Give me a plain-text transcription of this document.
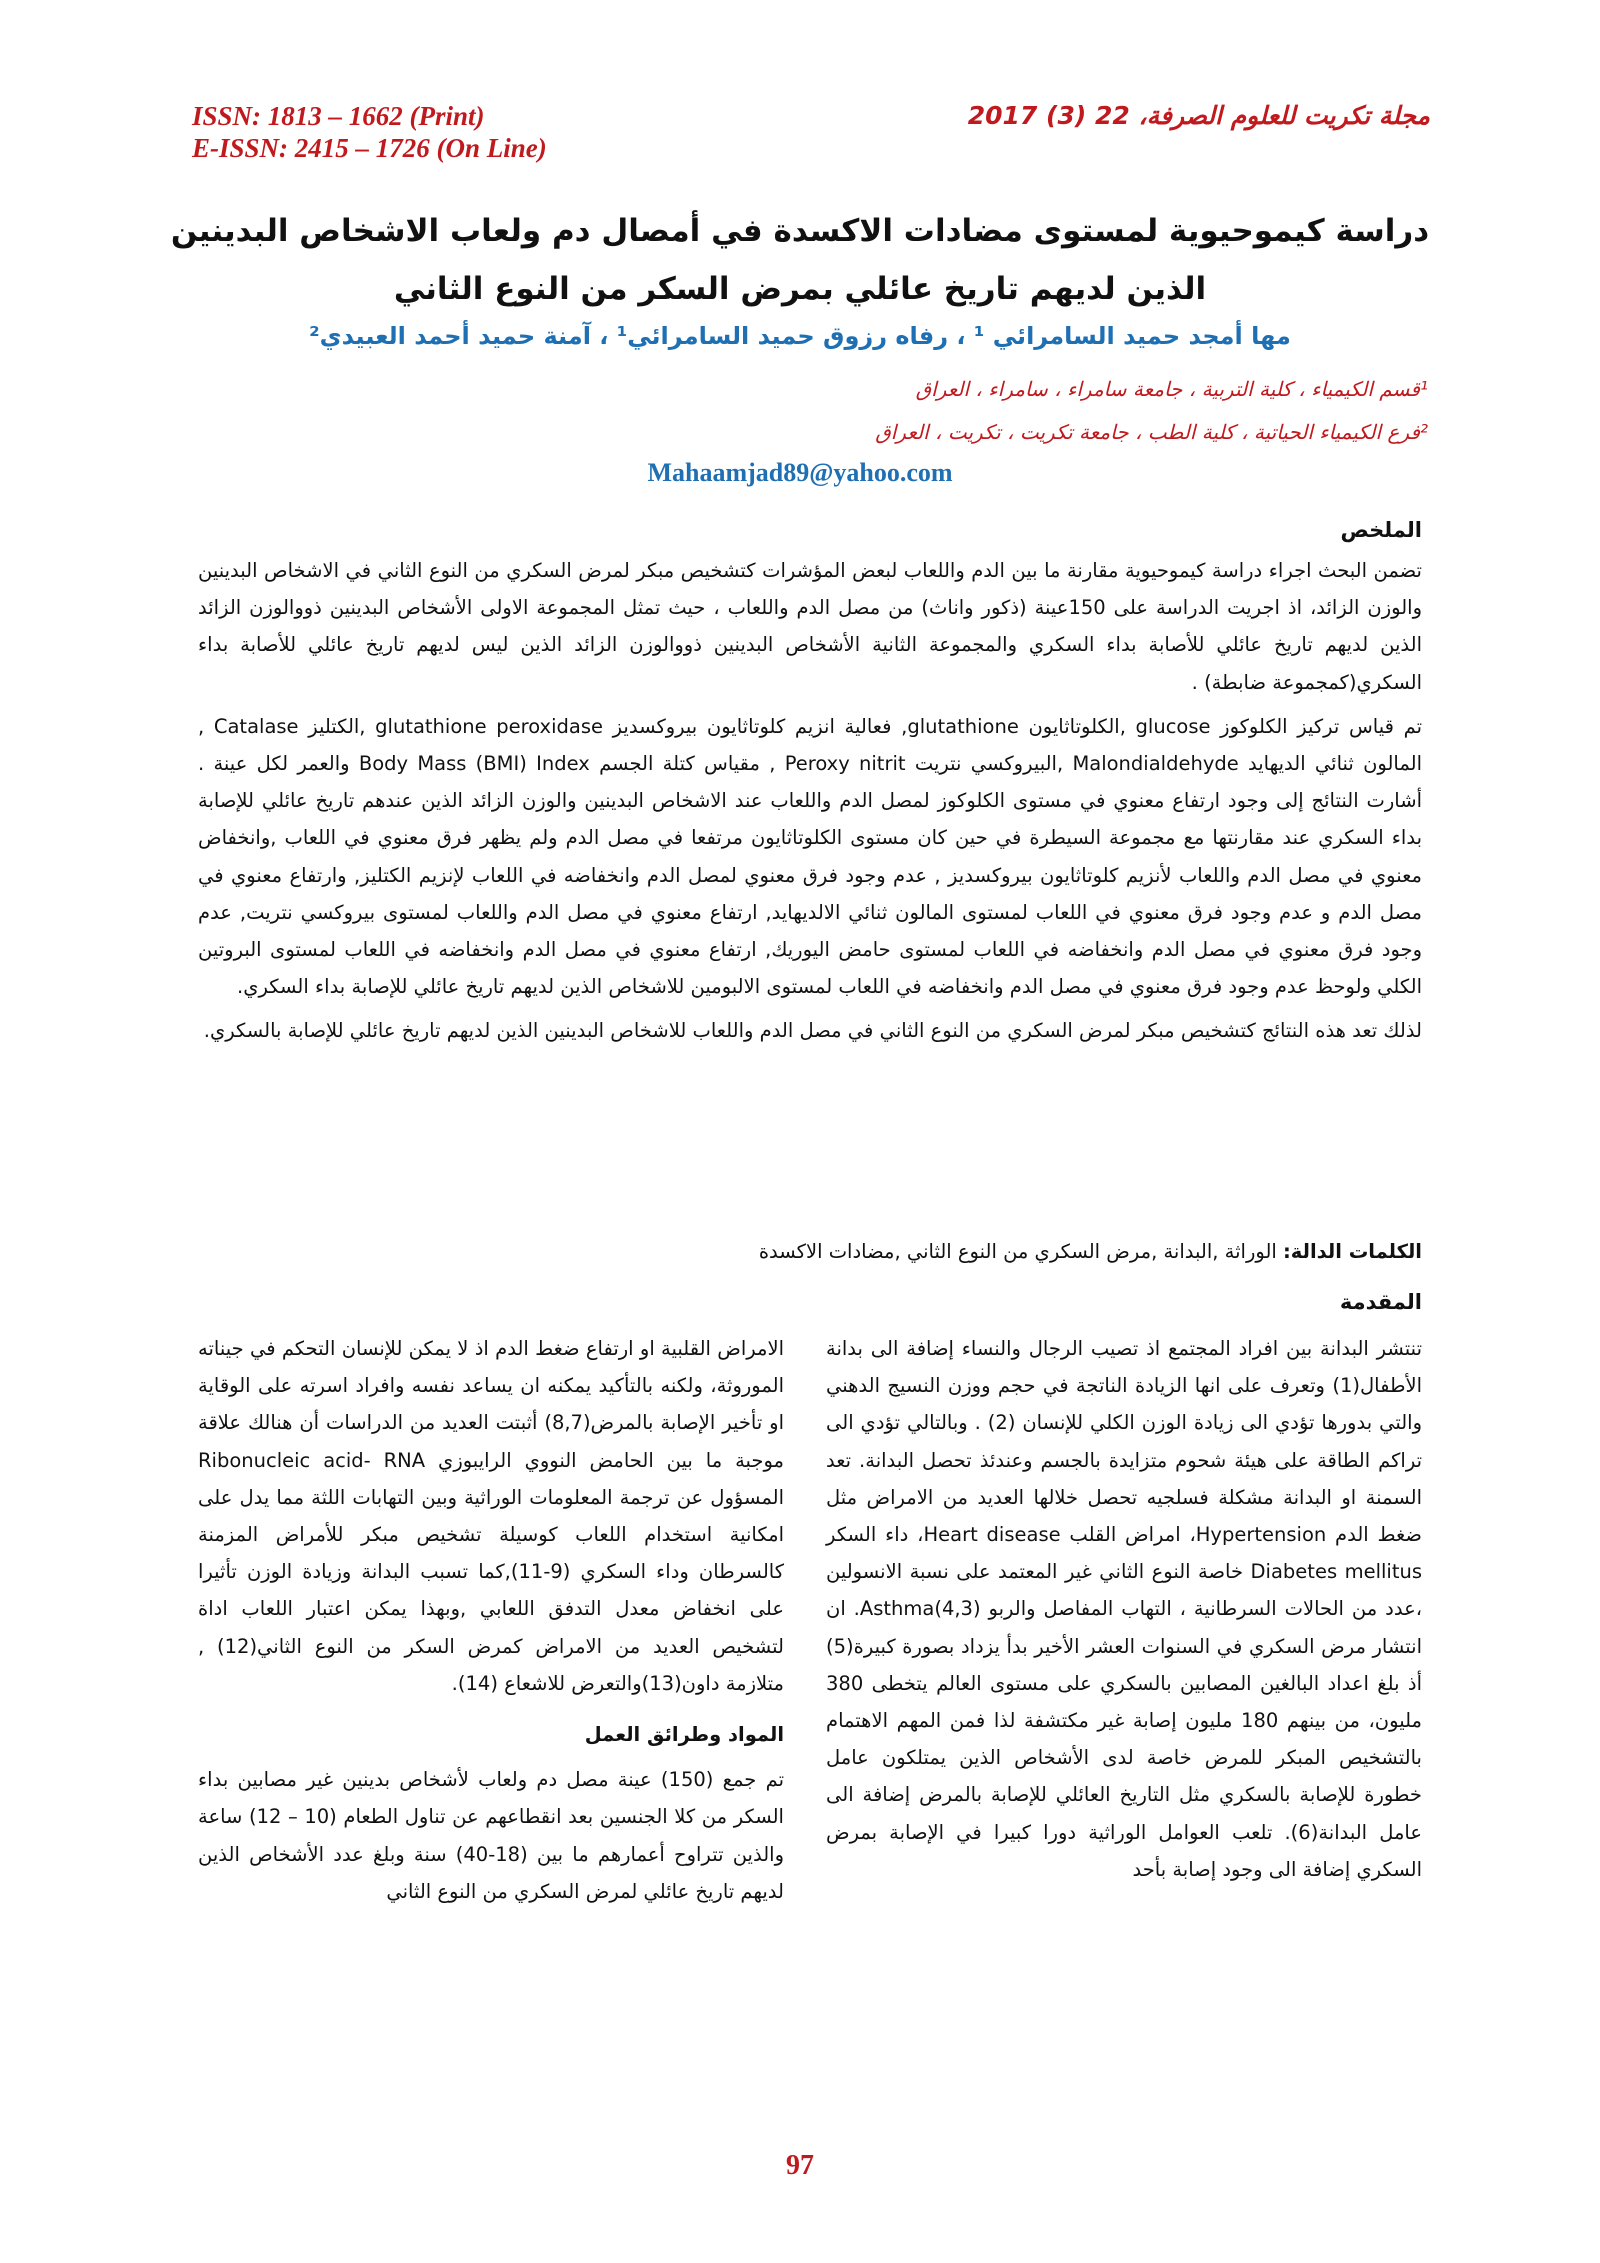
ISSN: 1813 – 1662 (Print)
E-ISSN: 2415 – 1726 (On Line)
مجلة تكريت للعلوم الصرفة، 22 (3) 2017
دراسة كيموحيوية لمستوى مضادات الاكسدة في أمصال دم ولعاب الاشخاص البدينين الذين لديهم تاريخ عائلي بمرض السكر من النوع الثاني
مها أمجد حميد السامرائي ¹ ، رفاه رزوق حميد السامرائي¹ ، آمنة حميد أحمد العبيدي²
¹قسم الكيمياء ، كلية التربية ، جامعة سامراء ، سامراء ، العراق
²فرع الكيمياء الحياتية ، كلية الطب ، جامعة تكريت ، تكريت ، العراق
Mahaamjad89@yahoo.com
الملخص

تضمن البحث اجراء دراسة كيموحيوية مقارنة ما بين الدم واللعاب لبعض المؤشرات كتشخيص مبكر لمرض السكري من النوع الثاني في الاشخاص البدينين والوزن الزائد، اذ اجريت الدراسة على 150عينة (ذكور واناث) من مصل الدم واللعاب ، حيث تمثل المجموعة الاولى الأشخاص البدينين ذووالوزن الزائد الذين لديهم تاريخ عائلي للأصابة بداء السكري والمجموعة الثانية الأشخاص البدينين ذووالوزن الزائد الذين ليس لديهم تاريخ عائلي للأصابة بداء السكري(كمجموعة ضابطة) .

تم قياس تركيز الكلوكوز glucose ,الكلوتاثايون glutathione, فعالية انزيم كلوتاثايون بيروكسديز glutathione peroxidase ,الكتليز Catalase , المالون ثنائي الديهايد Malondialdehyde ,البيروكسي نتريت Peroxy nitrit , مقياس كتلة الجسم Body Mass (BMI) Index والعمر لكل عينة . أشارت النتائج إلى وجود ارتفاع معنوي في مستوى الكلوكوز لمصل الدم واللعاب عند الاشخاص البدينين والوزن الزائد الذين عندهم تاريخ عائلي للإصابة بداء السكري عند مقارنتها مع مجموعة السيطرة في حين كان مستوى الكلوتاثايون مرتفعا في مصل الدم ولم يظهر فرق معنوي في اللعاب ,وانخفاض معنوي في مصل الدم واللعاب لأنزيم كلوتاثايون بيروكسديز , عدم وجود فرق معنوي لمصل الدم وانخفاضه في اللعاب لإنزيم الكتليز, وارتفاع معنوي في مصل الدم و عدم وجود فرق معنوي في اللعاب لمستوى المالون ثنائي الالديهايد, ارتفاع معنوي في مصل الدم واللعاب لمستوى بيروكسي نتريت, عدم وجود فرق معنوي في مصل الدم وانخفاضه في اللعاب لمستوى حامض اليوريك, ارتفاع معنوي في مصل الدم وانخفاضه في اللعاب لمستوى البروتين الكلي ولوحظ عدم وجود فرق معنوي في مصل الدم وانخفاضه في اللعاب لمستوى الالبومين للاشخاص الذين لديهم تاريخ عائلي للإصابة بداء السكري.

لذلك تعد هذه النتائج كتشخيص مبكر لمرض السكري من النوع الثاني في مصل الدم واللعاب للاشخاص البدينين الذين لديهم تاريخ عائلي للإصابة بالسكري.

الكلمات الدالة: الوراثة ,البدانة ,مرض السكري من النوع الثاني ,مضادات الاكسدة
المقدمة

تنتشر البدانة بين افراد المجتمع اذ تصيب الرجال والنساء إضافة الى بدانة الأطفال(1) وتعرف على انها الزيادة الناتجة في حجم ووزن النسيج الدهني والتي بدورها تؤدي الى زيادة الوزن الكلي للإنسان (2) . وبالتالي تؤدي الى تراكم الطاقة على هيئة شحوم متزايدة بالجسم وعندئذ تحصل البدانة. تعد السمنة او البدانة مشكلة فسلجيه تحصل خلالها العديد من الامراض مثل ضغط الدم Hypertension، امراض القلب Heart disease، داء السكر Diabetes mellitus خاصة النوع الثاني غير المعتمد على نسبة الانسولين ،عدد من الحالات السرطانية ، التهاب المفاصل والربو Asthma(4,3). ان انتشار مرض السكري في السنوات العشر الأخير بدأ يزداد بصورة كبيرة(5) أذ بلغ اعداد البالغين المصابين بالسكري على مستوى العالم يتخطى 380 مليون، من بينهم 180 مليون إصابة غير مكتشفة لذا فمن المهم الاهتمام بالتشخيص المبكر للمرض خاصة لدى الأشخاص الذين يمتلكون عامل خطورة للإصابة بالسكري مثل التاريخ العائلي للإصابة بالمرض إضافة الى عامل البدانة(6). تلعب العوامل الوراثية دورا كبيرا في الإصابة بمرض السكري إضافة الى وجود إصابة بأحد

الامراض القلبية او ارتفاع ضغط الدم اذ لا يمكن للإنسان التحكم في جيناته الموروثة، ولكنه بالتأكيد يمكنه ان يساعد نفسه وافراد اسرته على الوقاية او تأخير الإصابة بالمرض(8,7) أثبتت العديد من الدراسات أن هنالك علاقة موجبة ما بين الحامض النووي الرايبوزي Ribonucleic acid- RNA المسؤول عن ترجمة المعلومات الوراثية وبين التهابات اللثة مما يدل على امكانية استخدام اللعاب كوسيلة تشخيص مبكر للأمراض المزمنة كالسرطان وداء السكري (9-11),كما تسبب البدانة وزيادة الوزن تأثيرا على انخفاض معدل التدفق اللعابي ,وبهذا يمكن اعتبار اللعاب اداة لتشخيص العديد من الامراض كمرض السكر من النوع الثاني(12) , متلازمة داون(13)والتعرض للاشعاع (14).

المواد وطرائق العمل

تم جمع (150) عينة مصل دم ولعاب لأشخاص بدينين غير مصابين بداء السكر من كلا الجنسين بعد انقطاعهم عن تناول الطعام (10 – 12) ساعة والذين تتراوح أعمارهم ما بين (18-40) سنة وبلغ عدد الأشخاص الذين لديهم تاريخ عائلي لمرض السكري من النوع الثاني

97
